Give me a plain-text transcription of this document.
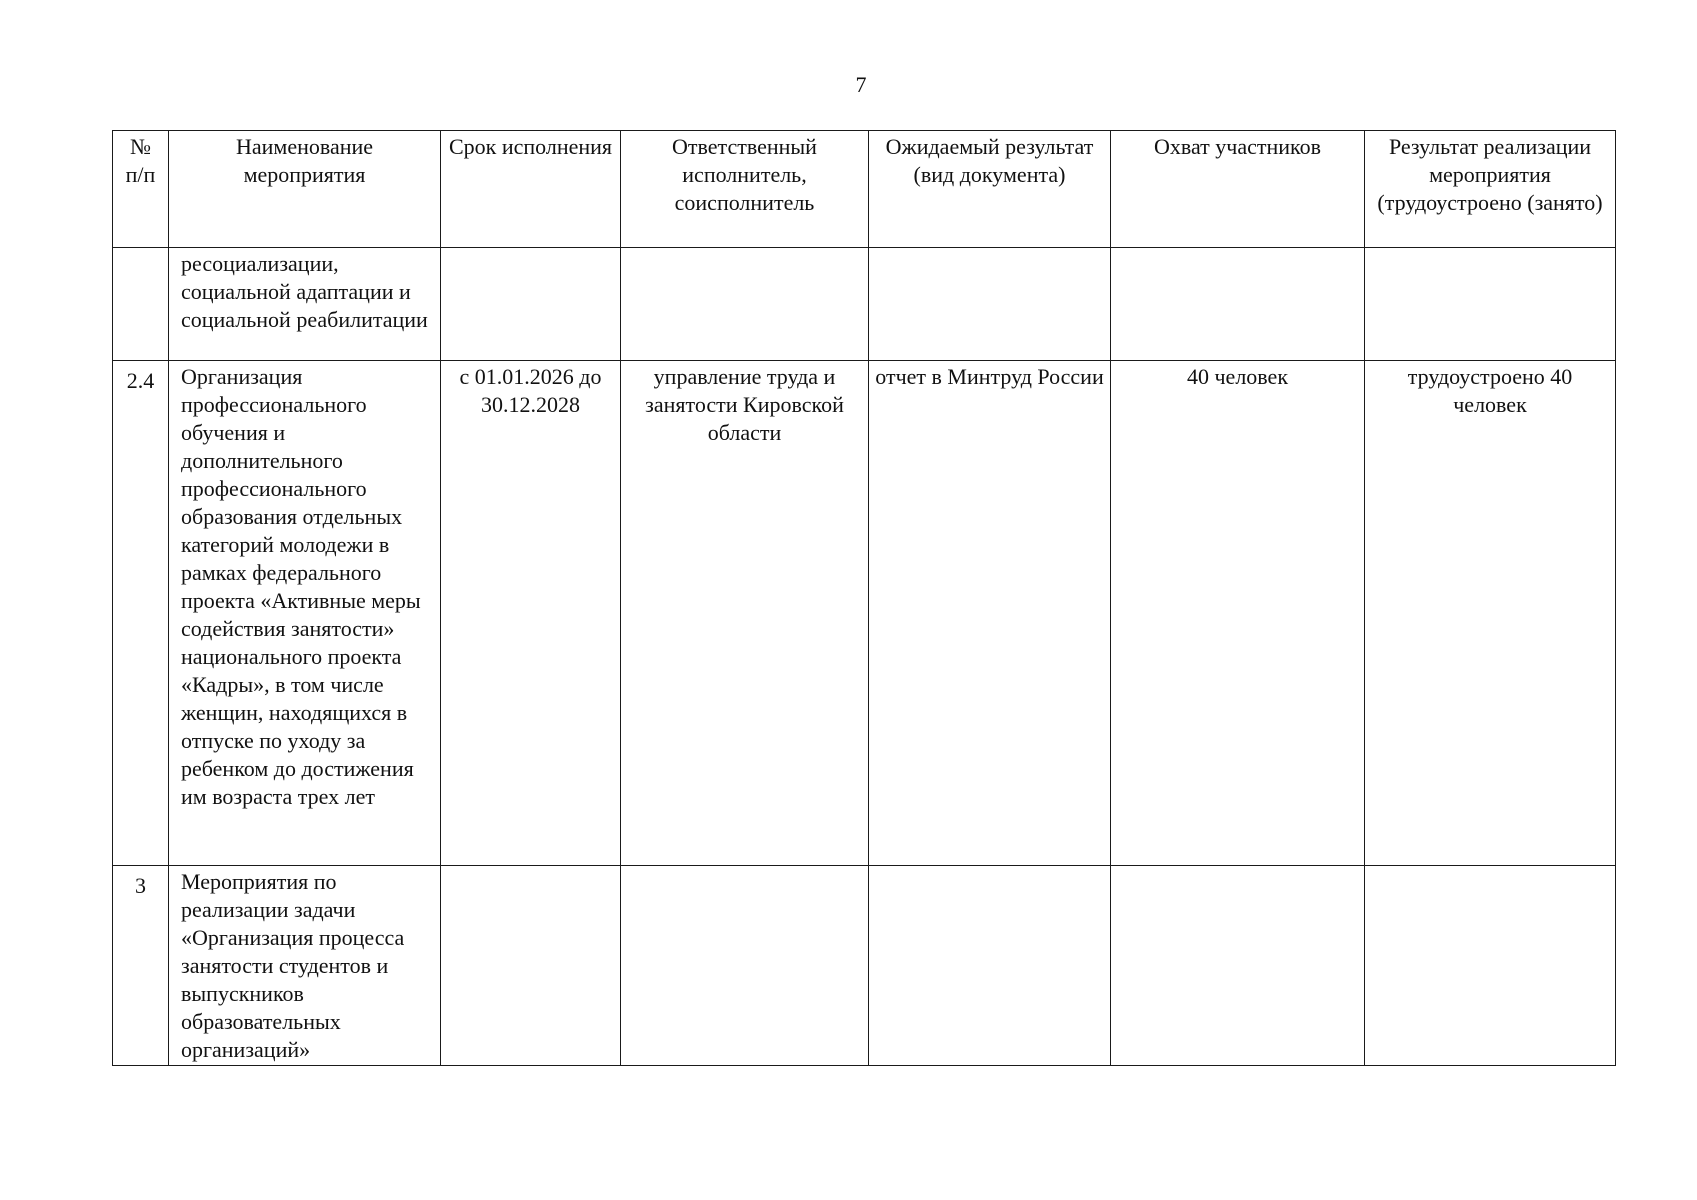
7
№ п/п	Наименование мероприятия	Срок исполнения	Ответственный исполнитель, соисполнитель	Ожидаемый результат (вид документа)	Охват участников	Результат реализации мероприятия (трудоустроено (занято)
	ресоциализации, социальной адаптации и социальной реабилитации					
2.4	Организация профессионального обучения и дополнительного профессионального образования отдельных категорий молодежи в рамках федерального проекта «Активные меры содействия занятости» национального проекта «Кадры», в том числе женщин, находящихся в отпуске по уходу за ребенком до достижения им возраста трех лет	с 01.01.2026 до 30.12.2028	управление труда и занятости Кировской области	отчет в Минтруд России	40 человек	трудоустроено 40 человек
3	Мероприятия по реализации задачи «Организация процесса занятости студентов и выпускников образовательных организаций»					
